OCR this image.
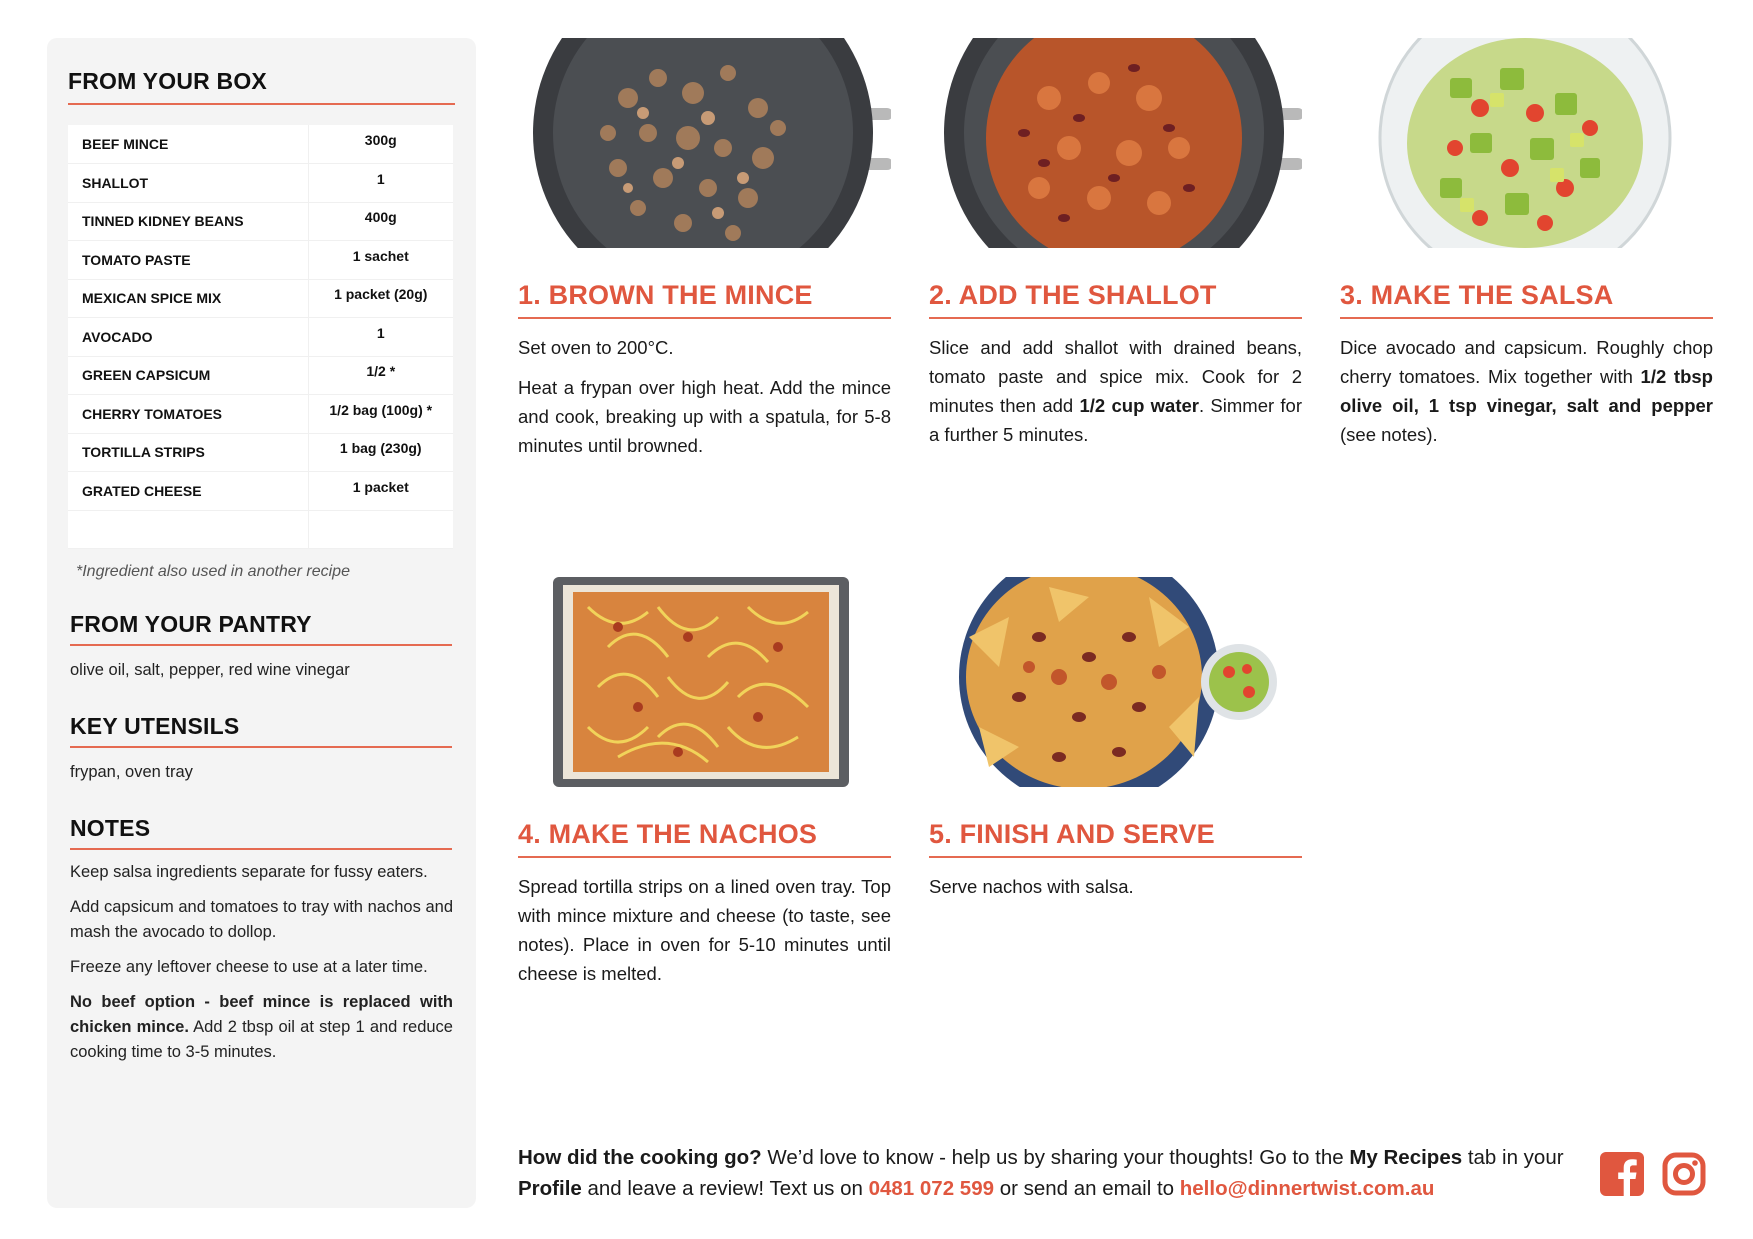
FROM YOUR BOX
BEEF MINCE	300g
SHALLOT	1
TINNED KIDNEY BEANS	400g
TOMATO PASTE	1 sachet
MEXICAN SPICE MIX	1 packet (20g)
AVOCADO	1
GREEN CAPSICUM	1/2 *
CHERRY TOMATOES	1/2 bag (100g) *
TORTILLA STRIPS	1 bag (230g)
GRATED CHEESE	1 packet

*Ingredient also used in another recipe
FROM YOUR PANTRY
olive oil, salt, pepper, red wine vinegar
KEY UTENSILS
frypan, oven tray
NOTES

Keep salsa ingredients separate for fussy eaters.

Add capsicum and tomatoes to tray with nachos and mash the avocado to dollop.

Freeze any leftover cheese to use at a later time.

No beef option - beef mince is replaced with chicken mince. Add 2 tbsp oil at step 1 and reduce cooking time to 3-5 minutes.

1. BROWN THE MINCE

Set oven to 200°C.

Heat a frypan over high heat. Add the mince and cook, breaking up with a spatula, for 5-8 minutes until browned.

2. ADD THE SHALLOT

Slice and add shallot with drained beans, tomato paste and spice mix. Cook for 2 minutes then add 1/2 cup water. Simmer for a further 5 minutes.

3. MAKE THE SALSA

Dice avocado and capsicum. Roughly chop cherry tomatoes. Mix together with 1/2 tbsp olive oil, 1 tsp vinegar, salt and pepper (see notes).

4. MAKE THE NACHOS

Spread tortilla strips on a lined oven tray. Top with mince mixture and cheese (to taste, see notes). Place in oven for 5-10 minutes until cheese is melted.

5. FINISH AND SERVE

Serve nachos with salsa.

How did the cooking go? We’d love to know - help us by sharing your thoughts! Go to the My Recipes tab in your Profile and leave a review! Text us on 0481 072 599 or send an email to hello@dinnertwist.com.au
